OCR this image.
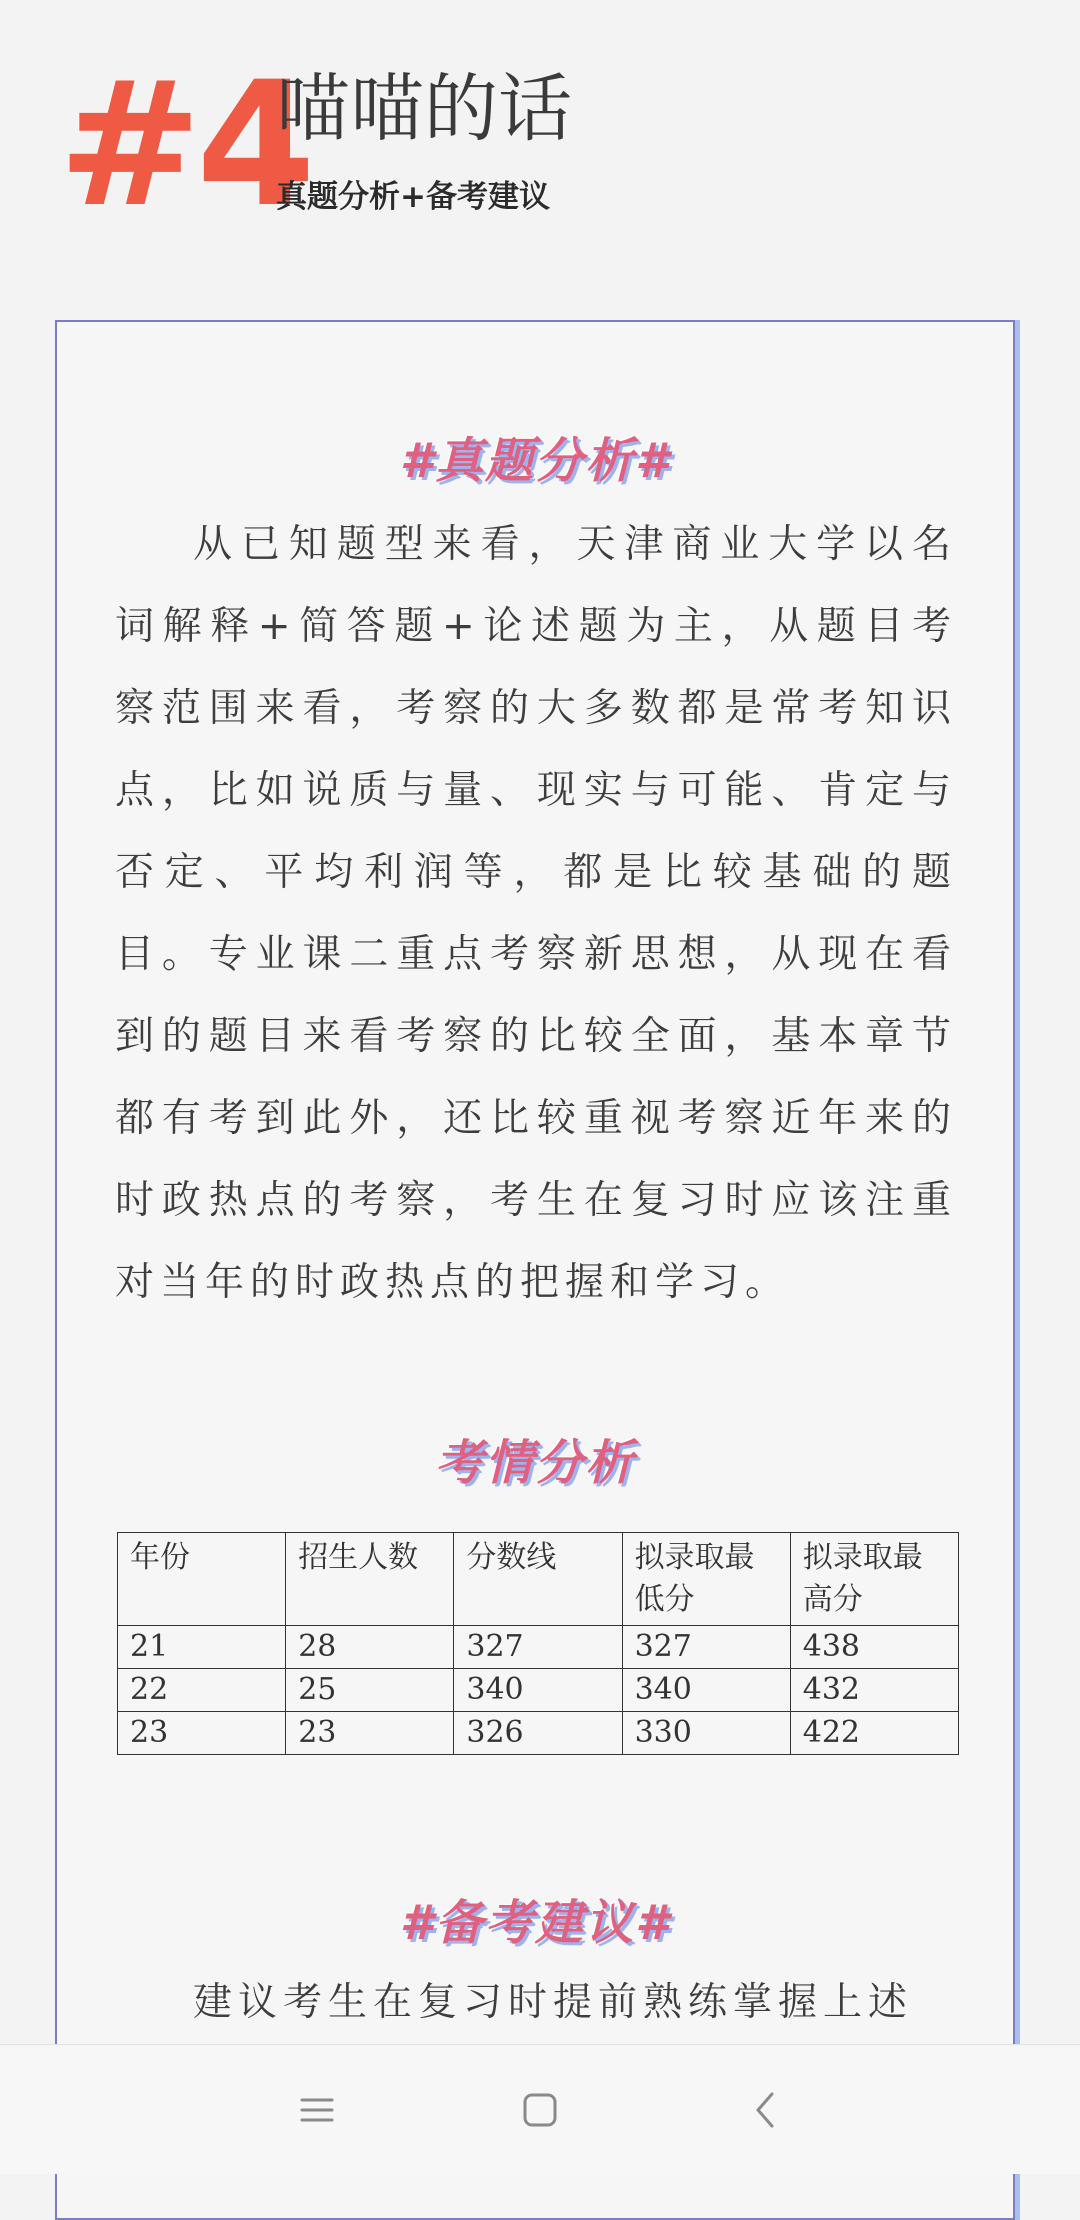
#4
喵喵的话
真题分析+备考建议
#真题分析#

从已知题型来看，天津商业大学以名词解释+简答题+论述题为主，从题目考察范围来看，考察的大多数都是常考知识点，比如说质与量、现实与可能、肯定与否定、平均利润等，都是比较基础的题目。专业课二重点考察新思想，从现在看到的题目来看考察的比较全面，基本章节都有考到此外，还比较重视考察近年来的时政热点的考察，考生在复习时应该注重对当年的时政热点的把握和学习。

考情分析
年份	招生人数	分数线	拟录取最低分	拟录取最高分
21	28	327	327	438
22	25	340	340	432
23	23	326	330	422
#备考建议#

建议考生在复习时提前熟练掌握上述
